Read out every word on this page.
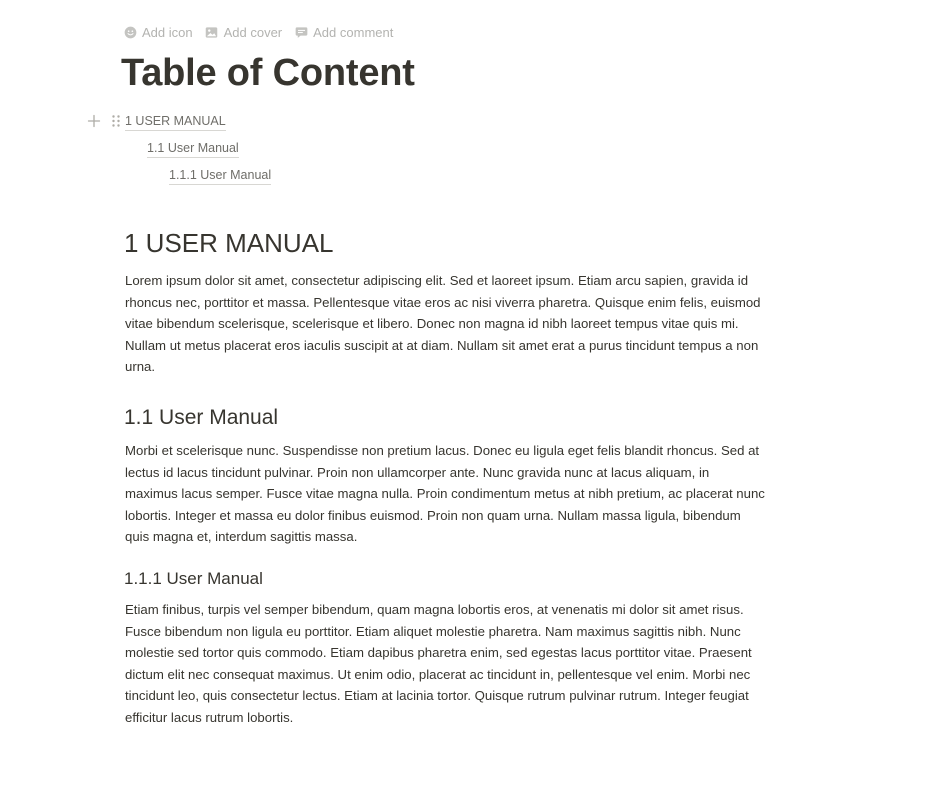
Add icon Add cover Add comment
Table of Content
1 USER MANUAL
1.1 User Manual
1.1.1 User Manual
1 USER MANUAL
Lorem ipsum dolor sit amet, consectetur adipiscing elit. Sed et laoreet ipsum. Etiam arcu sapien, gravida id rhoncus nec, porttitor et massa. Pellentesque vitae eros ac nisi viverra pharetra. Quisque enim felis, euismod vitae bibendum scelerisque, scelerisque et libero. Donec non magna id nibh laoreet tempus vitae quis mi. Nullam ut metus placerat eros iaculis suscipit at at diam. Nullam sit amet erat a purus tincidunt tempus a non urna.
1.1 User Manual
Morbi et scelerisque nunc. Suspendisse non pretium lacus. Donec eu ligula eget felis blandit rhoncus. Sed at lectus id lacus tincidunt pulvinar. Proin non ullamcorper ante. Nunc gravida nunc at lacus aliquam, in maximus lacus semper. Fusce vitae magna nulla. Proin condimentum metus at nibh pretium, ac placerat nunc lobortis. Integer et massa eu dolor finibus euismod. Proin non quam urna. Nullam massa ligula, bibendum quis magna et, interdum sagittis massa.
1.1.1 User Manual
Etiam finibus, turpis vel semper bibendum, quam magna lobortis eros, at venenatis mi dolor sit amet risus. Fusce bibendum non ligula eu porttitor. Etiam aliquet molestie pharetra. Nam maximus sagittis nibh. Nunc molestie sed tortor quis commodo. Etiam dapibus pharetra enim, sed egestas lacus porttitor vitae. Praesent dictum elit nec consequat maximus. Ut enim odio, placerat ac tincidunt in, pellentesque vel enim. Morbi nec tincidunt leo, quis consectetur lectus. Etiam at lacinia tortor. Quisque rutrum pulvinar rutrum. Integer feugiat efficitur lacus rutrum lobortis.
